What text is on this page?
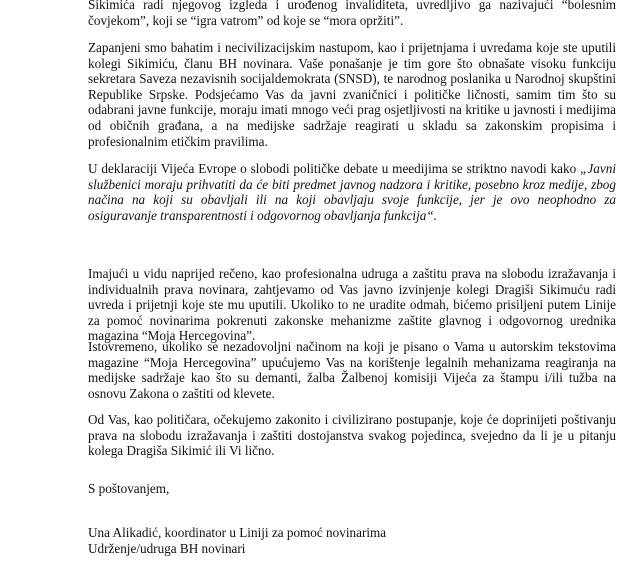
Sikimića radi njegovog izgleda i urođenog invaliditeta, uvredljivo ga nazivajući “bolesnim čovjekom”, koji se “igra vatrom” od koje se “mora opržiti”.

Zapanjeni smo bahatim i necivilizacijskim nastupom, kao i prijetnjama i uvredama koje ste uputili kolegi Sikimiću, članu BH novinara. Vaše ponašanje je tim gore što obnašate visoku funkciju sekretara Saveza nezavisnih socijaldemokrata (SNSD), te narodnog poslanika u Narodnoj skupštini Republike Srpske. Podsjećamo Vas da javni zvaničnici i političke ličnosti, samim tim što su odabrani javne funkcije, moraju imati mnogo veći prag osjetljivosti na kritike u javnosti i medijima od običnih građana, a na medijske sadržaje reagirati u skladu sa zakonskim propisima i profesionalnim etičkim pravilima.

U deklaraciji Vijeća Evrope o slobodi političke debate u meedijima se striktno navodi kako „Javni službenici moraju prihvatiti da će biti predmet javnog nadzora i kritike, posebno kroz medije, zbog načina na koji su obavljali ili na koji obavljaju svoje funkcije, jer je ovo neophodno za osiguravanje transparentnosti i odgovornog obavljanja funkcija“.

Imajući u vidu naprijed rečeno, kao profesionalna udruga a zaštitu prava na slobodu izražavanja i individualnih prava novinara, zahtjevamo od Vas javno izvinjenje kolegi Dragiši Sikimuću radi uvreda i prijetnji koje ste mu uputili. Ukoliko to ne uradite odmah, bićemo prisiljeni putem Linije za pomoć novinarima pokrenuti zakonske mehanizme zaštite glavnog i odgovornog urednika magazina “Moja Hercegovina”.

Istovremeno, ukoliko se nezadovoljni načinom na koji je pisano o Vama u autorskim tekstovima magazine “Moja Hercegovina” upućujemo Vas na korištenje legalnih mehanizama reagiranja na medijske sadržaje kao što su demanti, žalba Žalbenoj komisiji Vijeća za štampu i/ili tužba na osnovu Zakona o zaštiti od klevete.

Od Vas, kao političara, očekujemo zakonito i civilizirano postupanje, koje će doprinijeti poštivanju prava na slobodu izražavanja i zaštiti dostojanstva svakog pojedinca, svejedno da li je u pitanju kolega Dragiša Sikimić ili Vi lično.

S poštovanjem,

Una Alikadić, koordinator u Liniji za pomoć novinarima

Udrženje/udruga BH novinari
